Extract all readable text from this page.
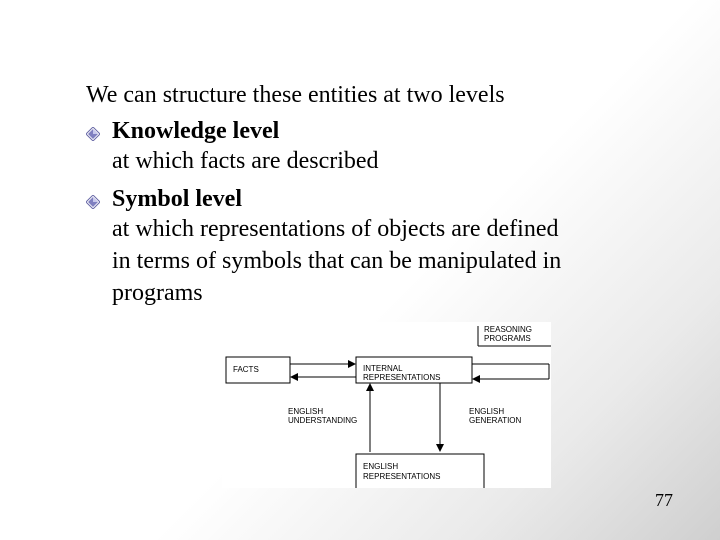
We can structure these entities at two levels
Knowledge level
at which facts are described
Symbol level
at which representations of objects are defined
in terms of symbols that can be manipulated in
programs
REASONING
PROGRAMS
FACTS	INTERNAL
REPRESENTATIONS
ENGLISH
UNDERSTANDING
ENGLISH
GENERATION
ENGLISH
REPRESENTATIONS
77
